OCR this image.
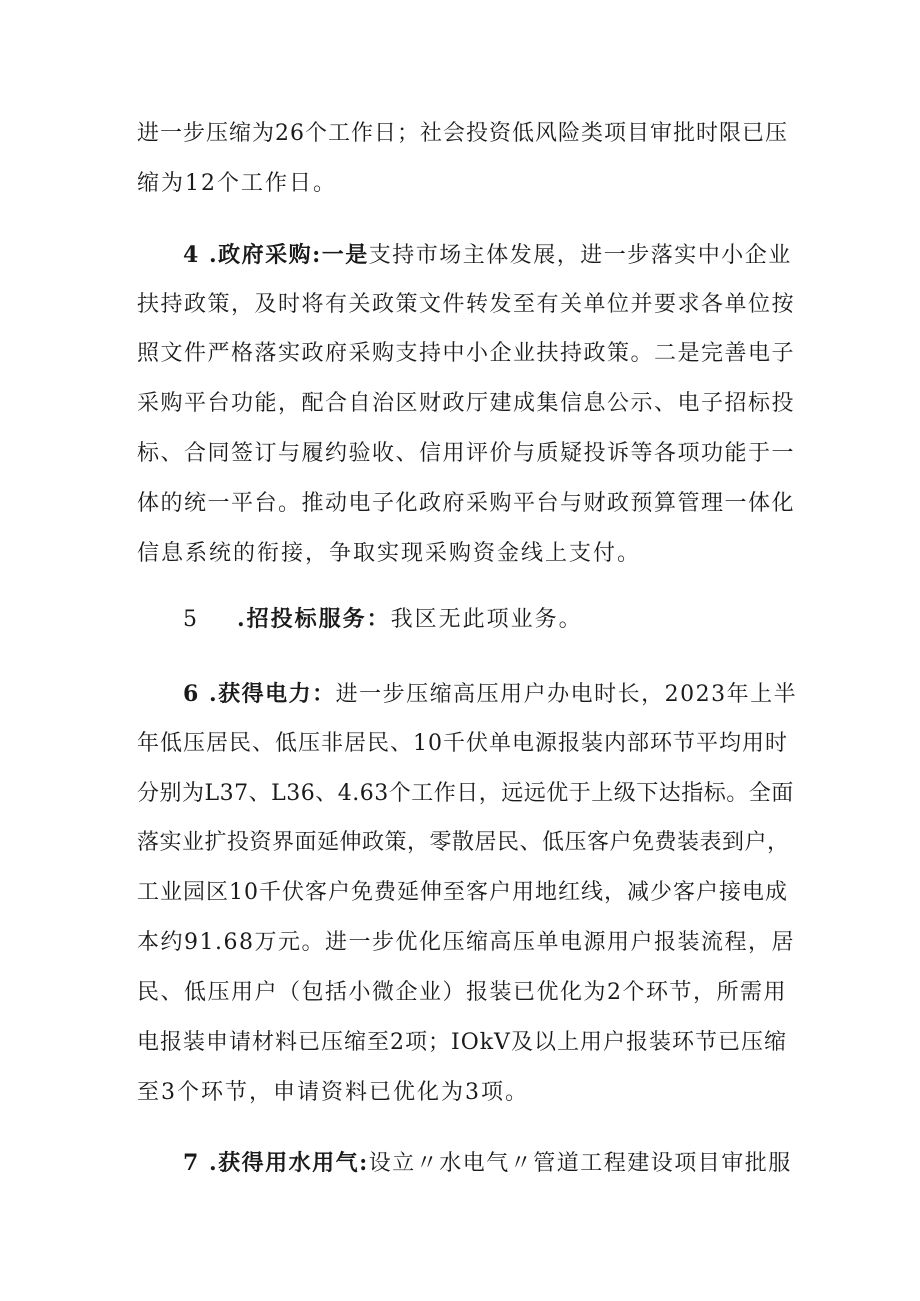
进一步压缩为26个工作日；社会投资低风险类项目审批时限已压
缩为12个工作日。
4 .政府采购:一是支持市场主体发展，进一步落实中小企业
扶持政策，及时将有关政策文件转发至有关单位并要求各单位按
照文件严格落实政府采购支持中小企业扶持政策。二是完善电子
采购平台功能，配合自治区财政厅建成集信息公示、电子招标投
标、合同签订与履约验收、信用评价与质疑投诉等各项功能于一
体的统一平台。推动电子化政府采购平台与财政预算管理一体化
信息系统的衔接，争取实现采购资金线上支付。
5 .招投标服务：我区无此项业务。
6 .获得电力：进一步压缩高压用户办电时长，2023年上半
年低压居民、低压非居民、10千伏单电源报装内部环节平均用时
分别为L37、L36、4.63个工作日，远远优于上级下达指标。全面
落实业扩投资界面延伸政策，零散居民、低压客户免费装表到户，
工业园区10千伏客户免费延伸至客户用地红线，减少客户接电成
本约91.68万元。进一步优化压缩高压单电源用户报装流程，居
民、低压用户（包括小微企业）报装已优化为2个环节，所需用
电报装申请材料已压缩至2项；IOkV及以上用户报装环节已压缩
至3个环节，申请资料已优化为3项。
7 .获得用水用气:设立〃水电气〃管道工程建设项目审批服
